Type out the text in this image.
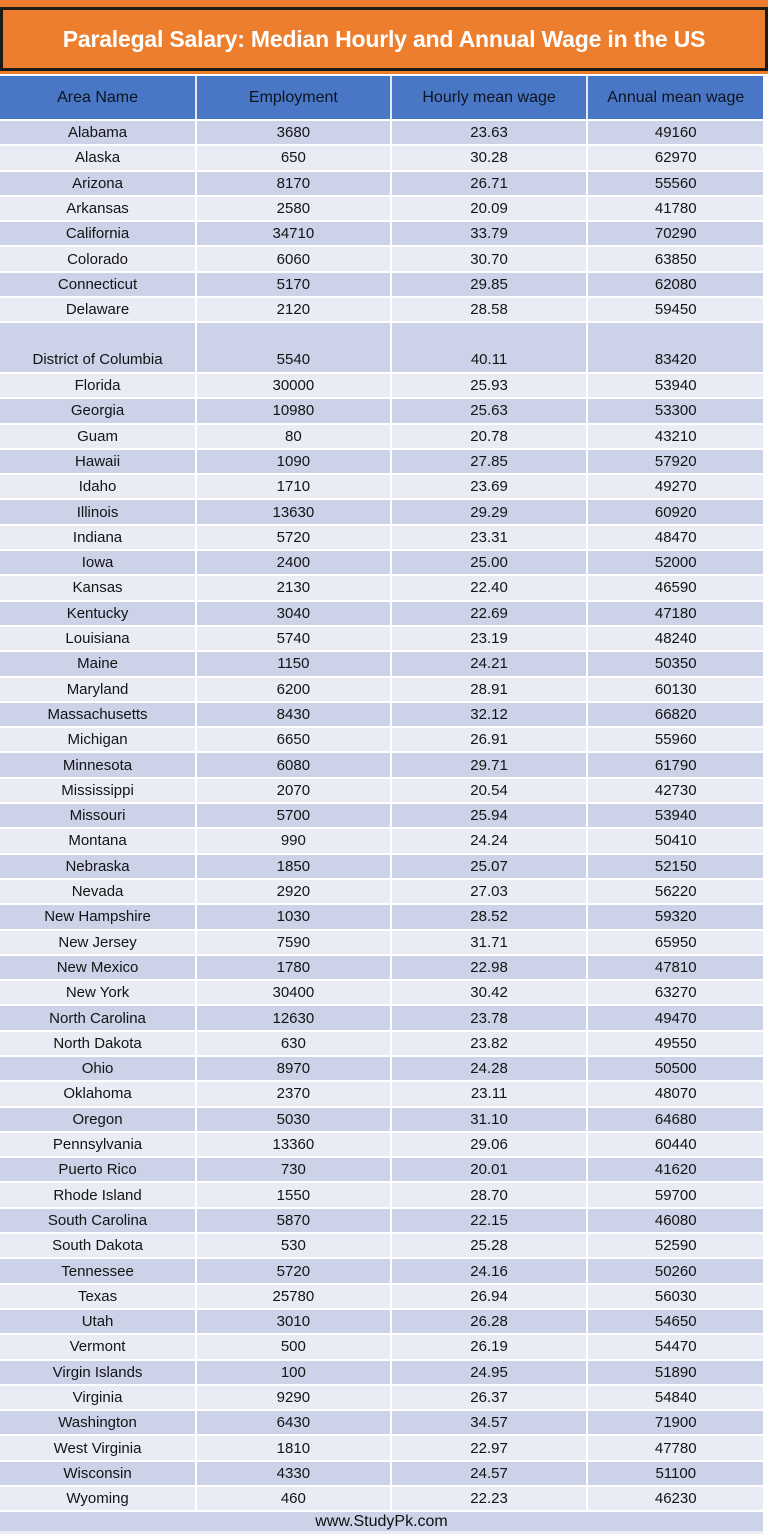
Paralegal Salary: Median Hourly and Annual Wage in the US
Area Name	Employment	Hourly mean wage	Annual mean wage
Alabama	3680	23.63	49160
Alaska	650	30.28	62970
Arizona	8170	26.71	55560
Arkansas	2580	20.09	41780
California	34710	33.79	70290
Colorado	6060	30.70	63850
Connecticut	5170	29.85	62080
Delaware	2120	28.58	59450
District of Columbia	5540	40.11	83420
Florida	30000	25.93	53940
Georgia	10980	25.63	53300
Guam	80	20.78	43210
Hawaii	1090	27.85	57920
Idaho	1710	23.69	49270
Illinois	13630	29.29	60920
Indiana	5720	23.31	48470
Iowa	2400	25.00	52000
Kansas	2130	22.40	46590
Kentucky	3040	22.69	47180
Louisiana	5740	23.19	48240
Maine	1150	24.21	50350
Maryland	6200	28.91	60130
Massachusetts	8430	32.12	66820
Michigan	6650	26.91	55960
Minnesota	6080	29.71	61790
Mississippi	2070	20.54	42730
Missouri	5700	25.94	53940
Montana	990	24.24	50410
Nebraska	1850	25.07	52150
Nevada	2920	27.03	56220
New Hampshire	1030	28.52	59320
New Jersey	7590	31.71	65950
New Mexico	1780	22.98	47810
New York	30400	30.42	63270
North Carolina	12630	23.78	49470
North Dakota	630	23.82	49550
Ohio	8970	24.28	50500
Oklahoma	2370	23.11	48070
Oregon	5030	31.10	64680
Pennsylvania	13360	29.06	60440
Puerto Rico	730	20.01	41620
Rhode Island	1550	28.70	59700
South Carolina	5870	22.15	46080
South Dakota	530	25.28	52590
Tennessee	5720	24.16	50260
Texas	25780	26.94	56030
Utah	3010	26.28	54650
Vermont	500	26.19	54470
Virgin Islands	100	24.95	51890
Virginia	9290	26.37	54840
Washington	6430	34.57	71900
West Virginia	1810	22.97	47780
Wisconsin	4330	24.57	51100
Wyoming	460	22.23	46230
www.StudyPk.com
